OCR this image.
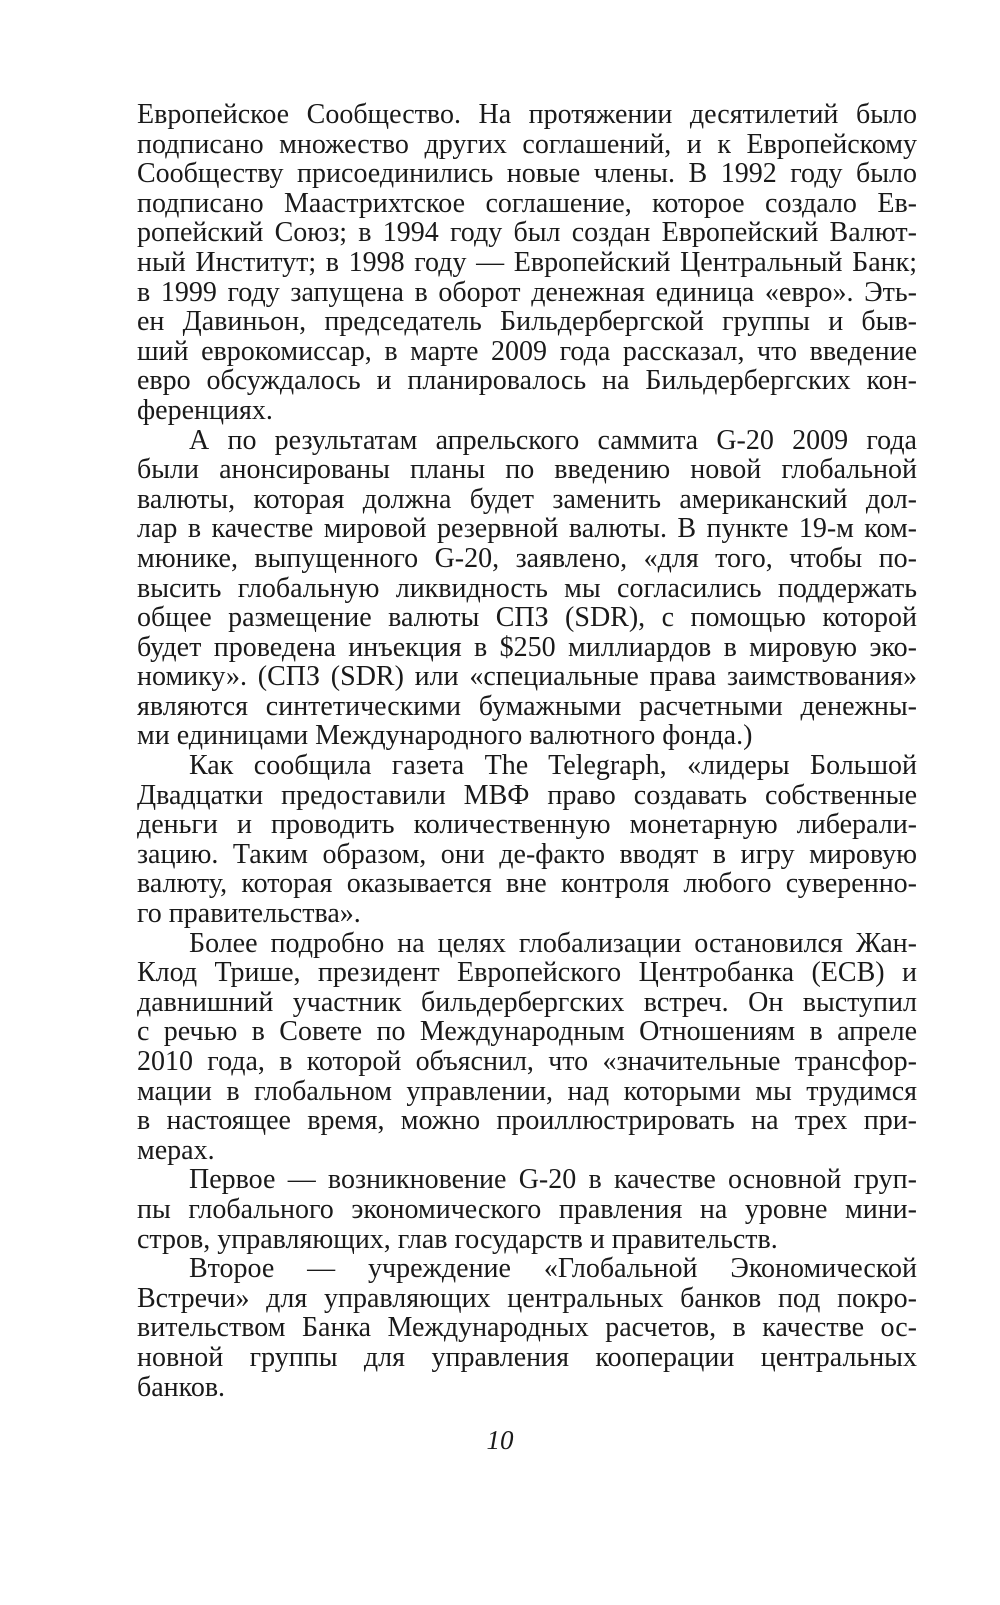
Европейское Сообщество. На протяжении десятилетий было
подписано множество других соглашений, и к Европейскому
Сообществу присоединились новые члены. В 1992 году было
подписано Маастрихтское соглашение, которое создало Ев-
ропейский Союз; в 1994 году был создан Европейский Валют-
ный Институт; в 1998 году — Европейский Центральный Банк;
в 1999 году запущена в оборот денежная единица «евро». Эть-
ен Давиньон, председатель Бильдербергской группы и быв-
ший еврокомиссар, в марте 2009 года рассказал, что введение
евро обсуждалось и планировалось на Бильдербергских кон-
ференциях.
А по результатам апрельского саммита G-20 2009 года
были анонсированы планы по введению новой глобальной
валюты, которая должна будет заменить американский дол-
лар в качестве мировой резервной валюты. В пункте 19-м ком-
мюнике, выпущенного G-20, заявлено, «для того, чтобы по-
высить глобальную ликвидность мы согласились поддержать
общее размещение валюты СПЗ (SDR), с помощью которой
будет проведена инъекция в $250 миллиардов в мировую эко-
номику». (СПЗ (SDR) или «специальные права заимствования»
являются синтетическими бумажными расчетными денежны-
ми единицами Международного валютного фонда.)
Как сообщила газета The Telegraph, «лидеры Большой
Двадцатки предоставили МВФ право создавать собственные
деньги и проводить количественную монетарную либерали-
зацию. Таким образом, они де-факто вводят в игру мировую
валюту, которая оказывается вне контроля любого суверенно-
го правительства».
Более подробно на целях глобализации остановился Жан-
Клод Трише, президент Европейского Центробанка (ЕСВ) и
давнишний участник бильдербергских встреч. Он выступил
с речью в Совете по Международным Отношениям в апреле
2010 года, в которой объяснил, что «значительные трансфор-
мации в глобальном управлении, над которыми мы трудимся
в настоящее время, можно проиллюстрировать на трех при-
мерах.
Первое — возникновение G-20 в качестве основной груп-
пы глобального экономического правления на уровне мини-
стров, управляющих, глав государств и правительств.
Второе — учреждение «Глобальной Экономической
Встречи» для управляющих центральных банков под покро-
вительством Банка Международных расчетов, в качестве ос-
новной группы для управления кооперации центральных
банков.
10
